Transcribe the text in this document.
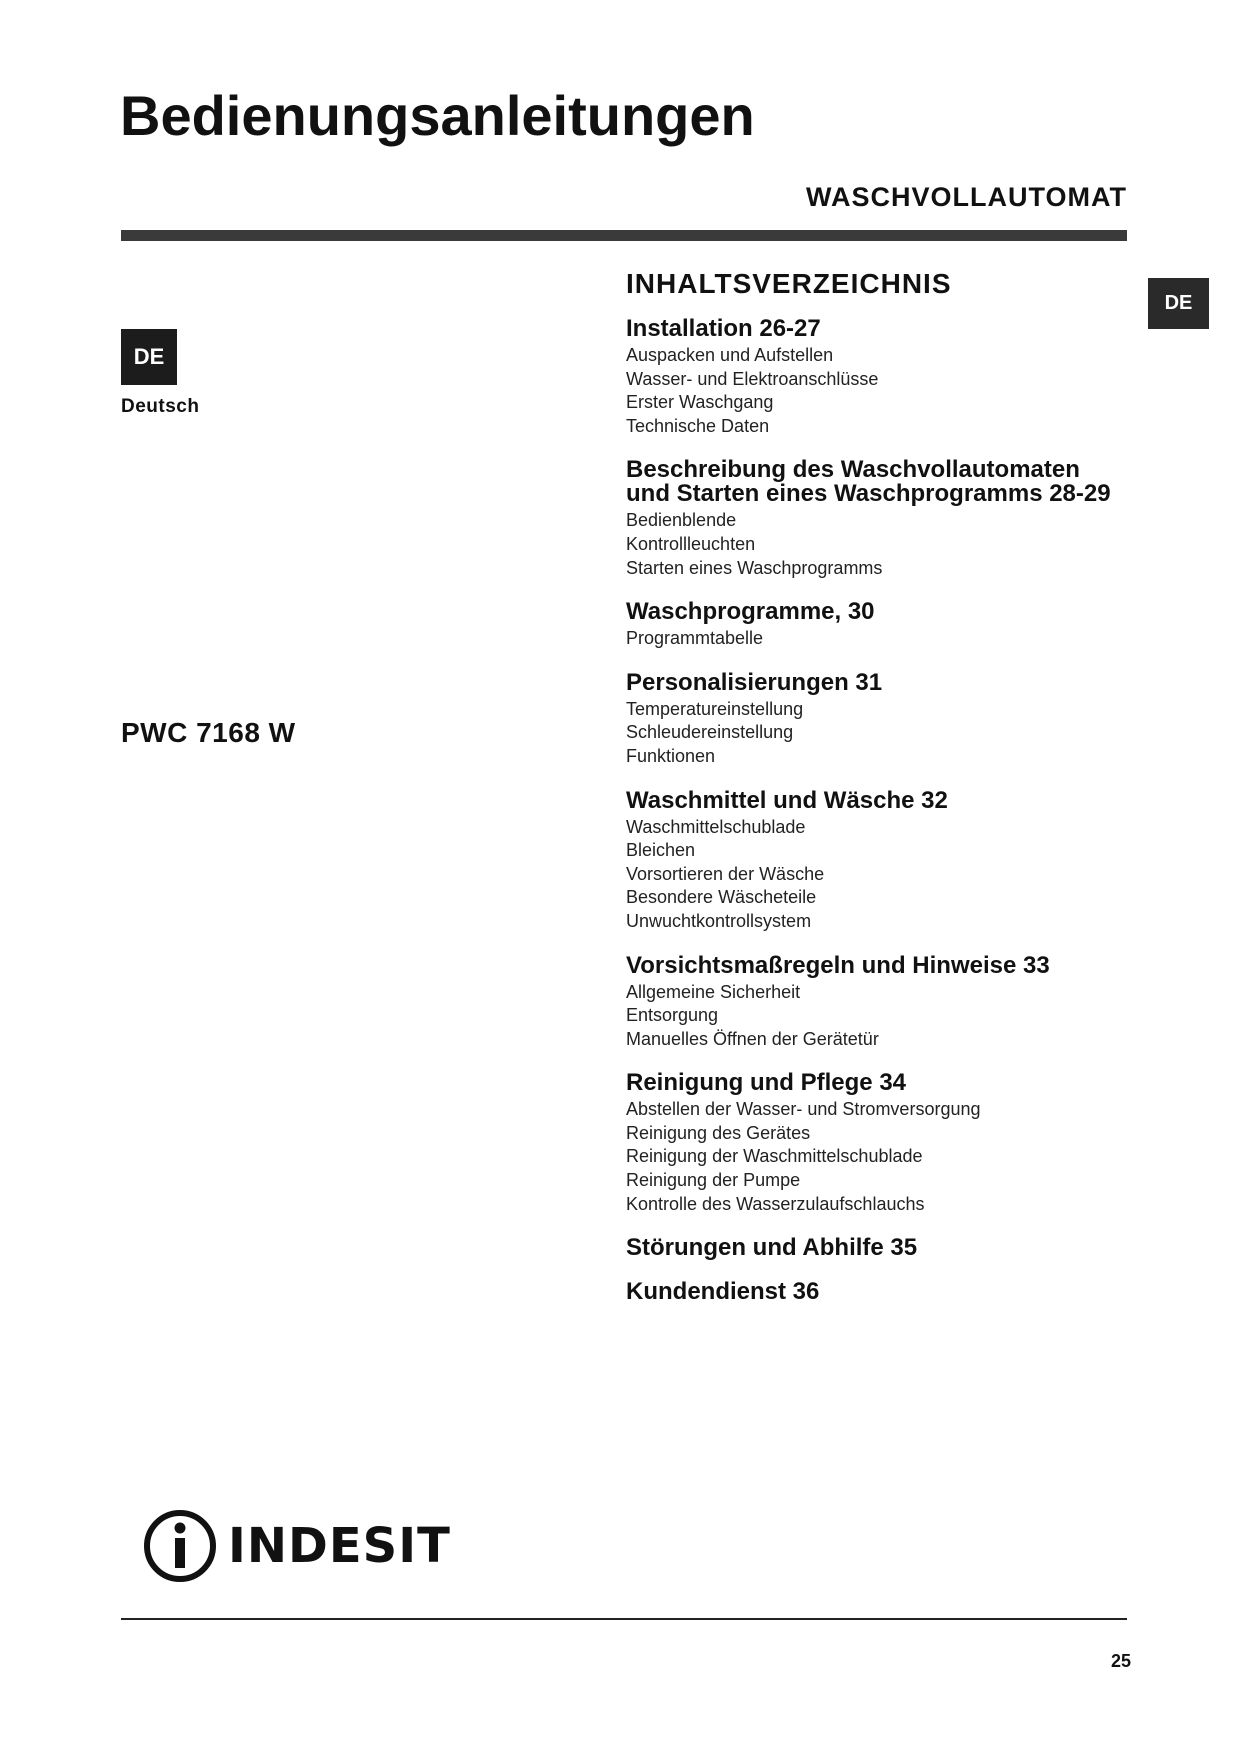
Bedienungsanleitungen
WASCHVOLLAUTOMAT
DE
Deutsch
PWC 7168 W
DE
INHALTSVERZEICHNIS
Installation 26-27
Auspacken und Aufstellen
Wasser- und Elektroanschlüsse
Erster Waschgang
Technische Daten
Beschreibung des Waschvollautomaten und Starten eines Waschprogramms 28-29
Bedienblende
Kontrollleuchten
Starten eines Waschprogramms
Waschprogramme, 30
Programmtabelle
Personalisierungen 31
Temperatureinstellung
Schleudereinstellung
Funktionen
Waschmittel und Wäsche 32
Waschmittelschublade
Bleichen
Vorsortieren der Wäsche
Besondere Wäscheteile
Unwuchtkontrollsystem
Vorsichtsmaßregeln und Hinweise 33
Allgemeine Sicherheit
Entsorgung
Manuelles Öffnen der Gerätetür
Reinigung und Pflege 34
Abstellen der Wasser- und Stromversorgung
Reinigung des Gerätes
Reinigung der Waschmittelschublade
Reinigung der Pumpe
Kontrolle des Wasserzulaufschlauchs
Störungen und Abhilfe 35
Kundendienst 36
INDESIT
25
